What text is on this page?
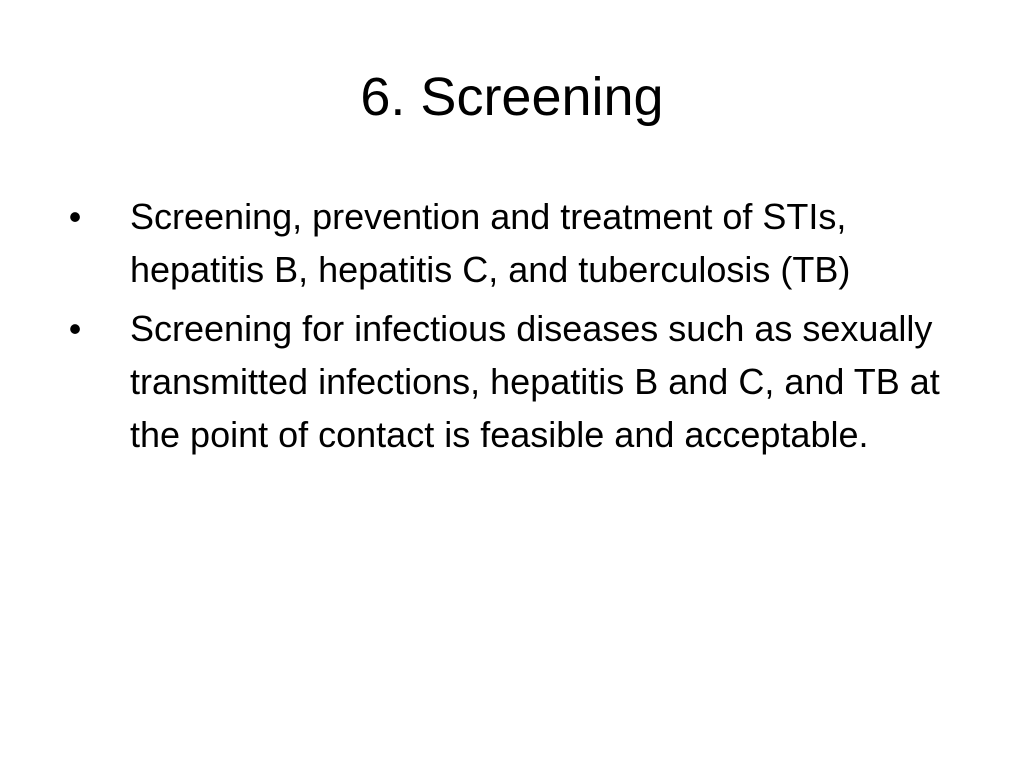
6. Screening
• Screening, prevention and treatment of STIs, hepatitis B, hepatitis C, and tuberculosis (TB)
• Screening for infectious diseases such as sexually transmitted infections, hepatitis B and C, and TB at the point of contact is feasible and acceptable.
